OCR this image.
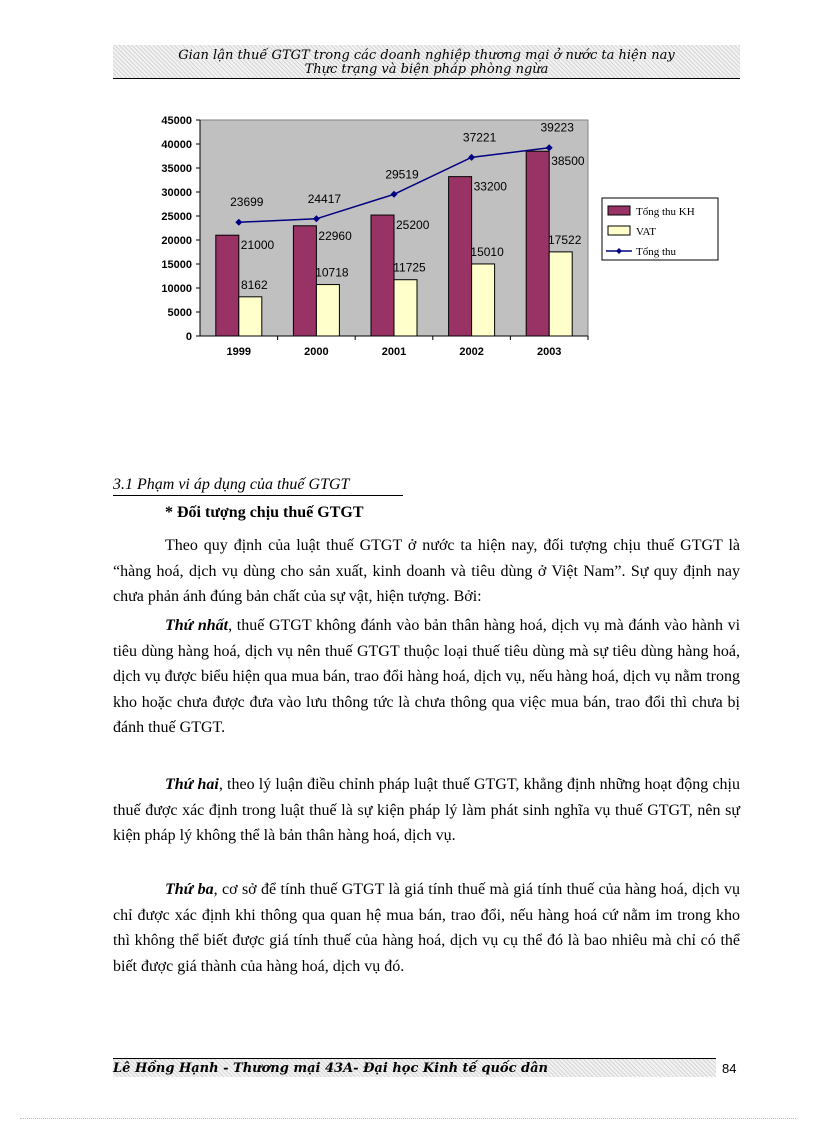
Gian lận thuế GTGT trong các doanh nghiệp thương mại ở nước ta hiện nay
Thực trạng và biện pháp phòng ngừa
0
5000
10000
15000
20000
25000
30000
35000
40000
45000
1999
21000
8162
2000
22960
10718
2001
25200
11725
2002
33200
15010
2003
38500
17522
23699	24417
29519
37221
39223
Tổng thu KH
VAT
Tổng thu
3.1 Phạm vi áp dụng của thuế GTGT
* Đối tượng chịu thuế GTGT

Theo quy định của luật thuế GTGT ở nước ta hiện nay, đối tượng chịu thuế GTGT là “hàng hoá, dịch vụ dùng cho sản xuất, kinh doanh và tiêu dùng ở Việt Nam”. Sự quy định nay chưa phản ánh đúng bản chất của sự vật, hiện tượng. Bởi:

Thứ nhất, thuế GTGT không đánh vào bản thân hàng hoá, dịch vụ mà đánh vào hành vi tiêu dùng hàng hoá, dịch vụ nên thuế GTGT thuộc loại thuế tiêu dùng mà sự tiêu dùng hàng hoá, dịch vụ được biểu hiện qua mua bán, trao đổi hàng hoá, dịch vụ, nếu hàng hoá, dịch vụ nằm trong kho hoặc chưa được đưa vào lưu thông tức là chưa thông qua việc mua bán, trao đổi thì chưa bị đánh thuế GTGT.

Thứ hai, theo lý luận điều chỉnh pháp luật thuế GTGT, khẳng định những hoạt động chịu thuế được xác định trong luật thuế là sự kiện pháp lý làm phát sinh nghĩa vụ thuế GTGT, nên sự kiện pháp lý không thể là bản thân hàng hoá, dịch vụ.

Thứ ba, cơ sở để tính thuế GTGT là giá tính thuế mà giá tính thuế của hàng hoá, dịch vụ chỉ được xác định khi thông qua quan hệ mua bán, trao đổi, nếu hàng hoá cứ nằm im trong kho thì không thể biết được giá tính thuế của hàng hoá, dịch vụ cụ thể đó là bao nhiêu mà chỉ có thể biết được giá thành của hàng hoá, dịch vụ đó.

Lê Hồng Hạnh - Thương mại 43A- Đại học Kinh tế quốc dân	84
